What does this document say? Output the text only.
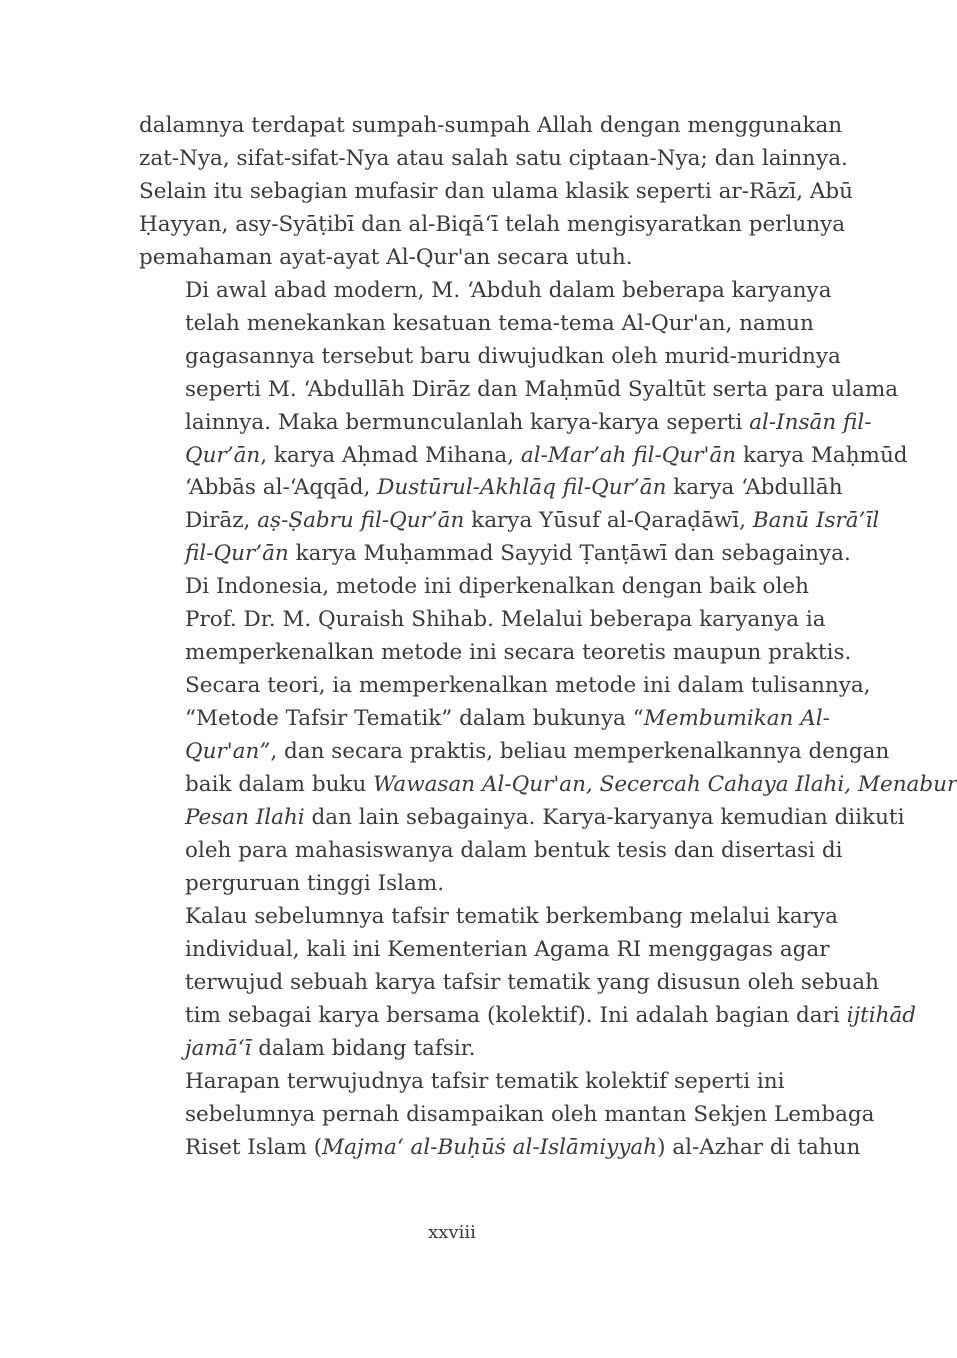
dalamnya terdapat sumpah-sumpah Allah dengan menggunakan
zat-Nya, sifat-sifat-Nya atau salah satu ciptaan-Nya; dan lainnya.
Selain itu sebagian mufasir dan ulama klasik seperti ar-Rāzī, Abū
Ḥayyan, asy-Syāṭibī dan al-Biqā‘ī telah mengisyaratkan perlunya
pemahaman ayat-ayat Al-Qur'an secara utuh.

Di awal abad modern, M. ‘Abduh dalam beberapa karyanya
telah menekankan kesatuan tema-tema Al-Qur'an, namun
gagasannya tersebut baru diwujudkan oleh murid-muridnya
seperti M. ‘Abdullāh Dirāz dan Maḥmūd Syaltūt serta para ulama
lainnya. Maka bermunculanlah karya-karya seperti al-Insān fil-
Qur’ān, karya Aḥmad Mihana, al-Mar’ah fil-Qur'ān karya Maḥmūd
‘Abbās al-‘Aqqād, Dustūrul-Akhlāq fil-Qur’ān karya ‘Abdullāh
Dirāz, aṣ-Ṣabru fil-Qur’ān karya Yūsuf al-Qaraḍāwī, Banū Isrā’īl
fil-Qur’ān karya Muḥammad Sayyid Ṭanṭāwī dan sebagainya.

Di Indonesia, metode ini diperkenalkan dengan baik oleh
Prof. Dr. M. Quraish Shihab. Melalui beberapa karyanya ia
memperkenalkan metode ini secara teoretis maupun praktis.
Secara teori, ia memperkenalkan metode ini dalam tulisannya,
“Metode Tafsir Tematik” dalam bukunya “Membumikan Al-
Qur'an”, dan secara praktis, beliau memperkenalkannya dengan
baik dalam buku Wawasan Al-Qur'an, Secercah Cahaya Ilahi, Menabur
Pesan Ilahi dan lain sebagainya. Karya-karyanya kemudian diikuti
oleh para mahasiswanya dalam bentuk tesis dan disertasi di
perguruan tinggi Islam.

Kalau sebelumnya tafsir tematik berkembang melalui karya
individual, kali ini Kementerian Agama RI menggagas agar
terwujud sebuah karya tafsir tematik yang disusun oleh sebuah
tim sebagai karya bersama (kolektif). Ini adalah bagian dari ijtihād
jamā‘ī dalam bidang tafsir.

Harapan terwujudnya tafsir tematik kolektif seperti ini
sebelumnya pernah disampaikan oleh mantan Sekjen Lembaga
Riset Islam (Majma‘ al-Buḥūṡ al-Islāmiyyah) al-Azhar di tahun

xxviii
